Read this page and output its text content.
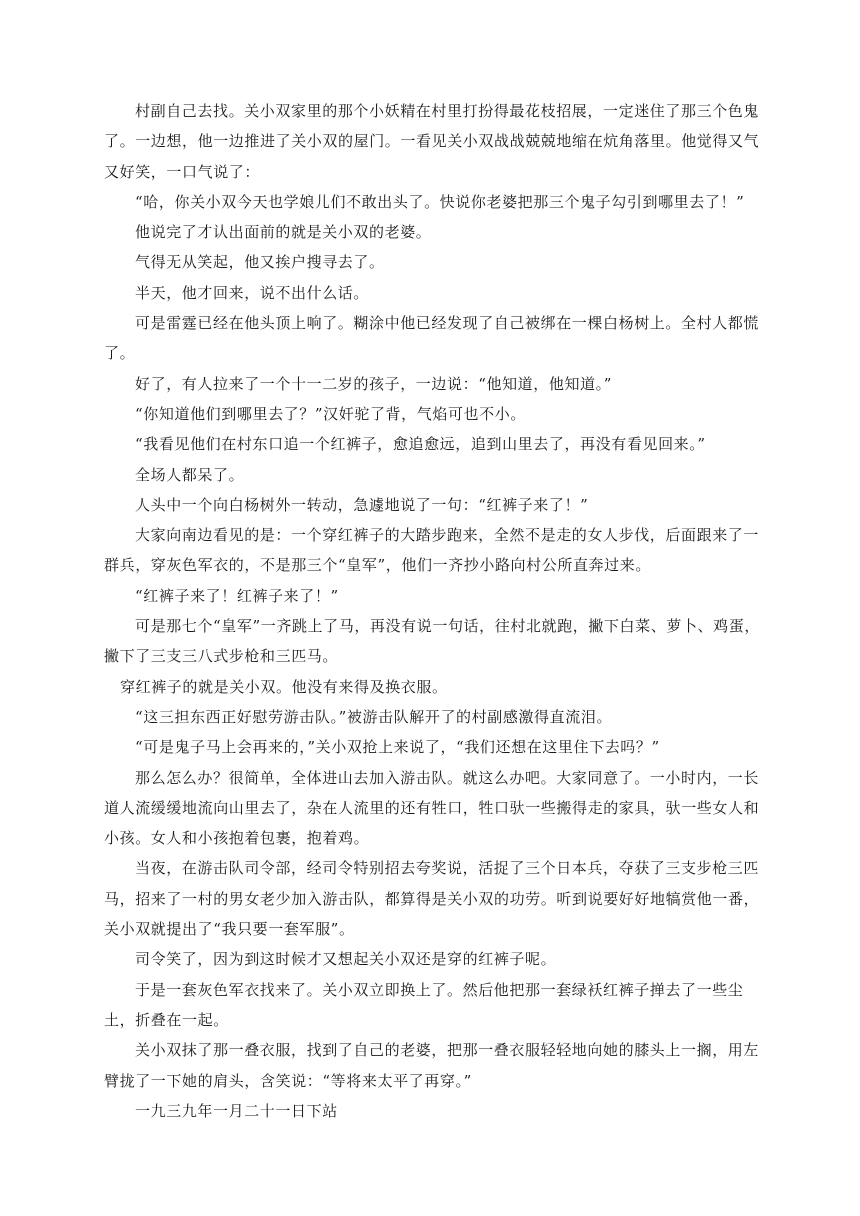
村副自己去找。关小双家里的那个小妖精在村里打扮得最花枝招展，一定迷住了那三个色鬼了。一边想，他一边推进了关小双的屋门。一看见关小双战战兢兢地缩在炕角落里。他觉得又气又好笑，一口气说了：

“哈，你关小双今天也学娘儿们不敢出头了。快说你老婆把那三个鬼子勾引到哪里去了！”

他说完了才认出面前的就是关小双的老婆。

气得无从笑起，他又挨户搜寻去了。

半天，他才回来，说不出什么话。

可是雷霆已经在他头顶上响了。糊涂中他已经发现了自己被绑在一棵白杨树上。全村人都慌了。

好了，有人拉来了一个十一二岁的孩子，一边说：“他知道，他知道。”

“你知道他们到哪里去了？”汉奸驼了背，气焰可也不小。

“我看见他们在村东口追一个红裤子，愈追愈远，追到山里去了，再没有看见回来。”

全场人都呆了。

人头中一个向白杨树外一转动，急遽地说了一句：“红裤子来了！”

大家向南边看见的是：一个穿红裤子的大踏步跑来，全然不是走的女人步伐，后面跟来了一群兵，穿灰色军衣的，不是那三个“皇军”，他们一齐抄小路向村公所直奔过来。

“红裤子来了！红裤子来了！”

可是那七个“皇军”一齐跳上了马，再没有说一句话，往村北就跑，撇下白菜、萝卜、鸡蛋，撇下了三支三八式步枪和三匹马。

穿红裤子的就是关小双。他没有来得及换衣服。

“这三担东西正好慰劳游击队。”被游击队解开了的村副感激得直流泪。

“可是鬼子马上会再来的，”关小双抢上来说了，“我们还想在这里住下去吗？”

那么怎么办？很简单，全体进山去加入游击队。就这么办吧。大家同意了。一小时内，一长道人流缓缓地流向山里去了，杂在人流里的还有牲口，牲口驮一些搬得走的家具，驮一些女人和小孩。女人和小孩抱着包裹，抱着鸡。

当夜，在游击队司令部，经司令特别招去夸奖说，活捉了三个日本兵，夺获了三支步枪三匹马，招来了一村的男女老少加入游击队，都算得是关小双的功劳。听到说要好好地犒赏他一番，

关小双就提出了“我只要一套军服”。

司令笑了，因为到这时候才又想起关小双还是穿的红裤子呢。

于是一套灰色军衣找来了。关小双立即换上了。然后他把那一套绿袄红裤子掸去了一些尘土，折叠在一起。

关小双抹了那一叠衣服，找到了自己的老婆，把那一叠衣服轻轻地向她的膝头上一搁，用左臂拢了一下她的肩头，含笑说：“等将来太平了再穿。”

一九三九年一月二十一日下站
